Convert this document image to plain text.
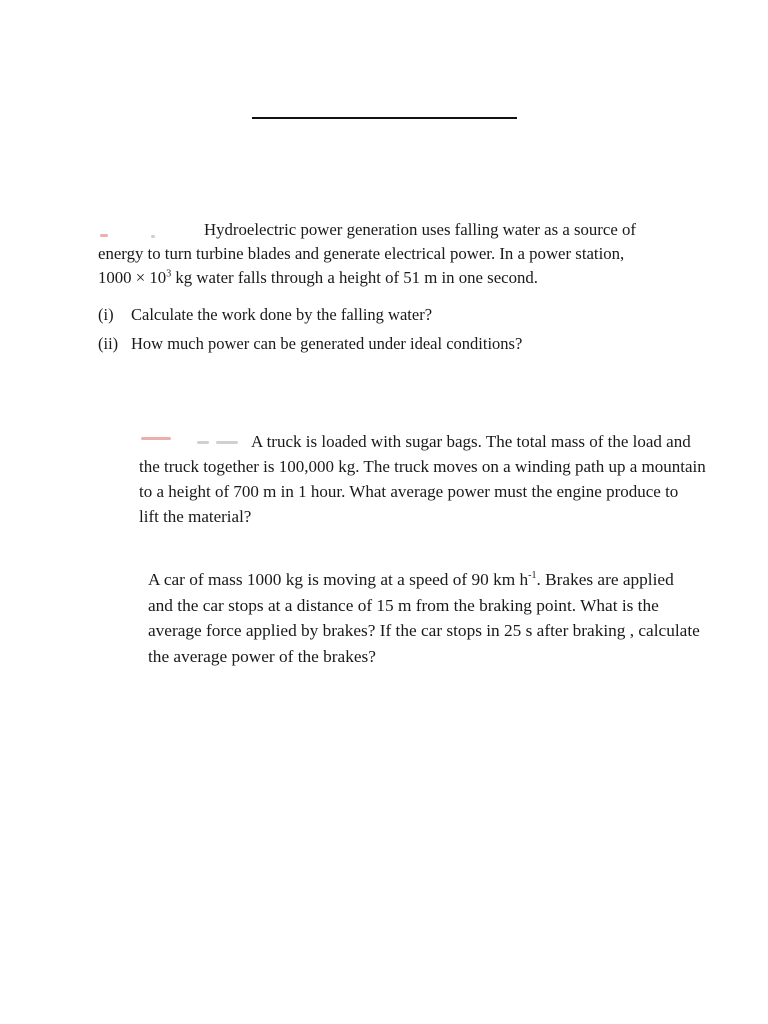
Hydroelectric power generation uses falling water as a source of
energy to turn turbine blades and generate electrical power. In a power station,
$1000 \times 10^3$ kg water falls through a height of 51 m in one second.
(i) Calculate the work done by the falling water?
(ii) How much power can be generated under ideal conditions?
A truck is loaded with sugar bags. The total mass of the load and
the truck together is 100,000 kg. The truck moves on a winding path up a mountain
to a height of 700 m in 1 hour. What average power must the engine produce to
lift the material?
A car of mass 1000 kg is moving at a speed of 90 km $h^{-1}$. Brakes are applied
and the car stops at a distance of 15 m from the braking point. What is the
average force applied by brakes? If the car stops in 25 s after braking , calculate
the average power of the brakes?
